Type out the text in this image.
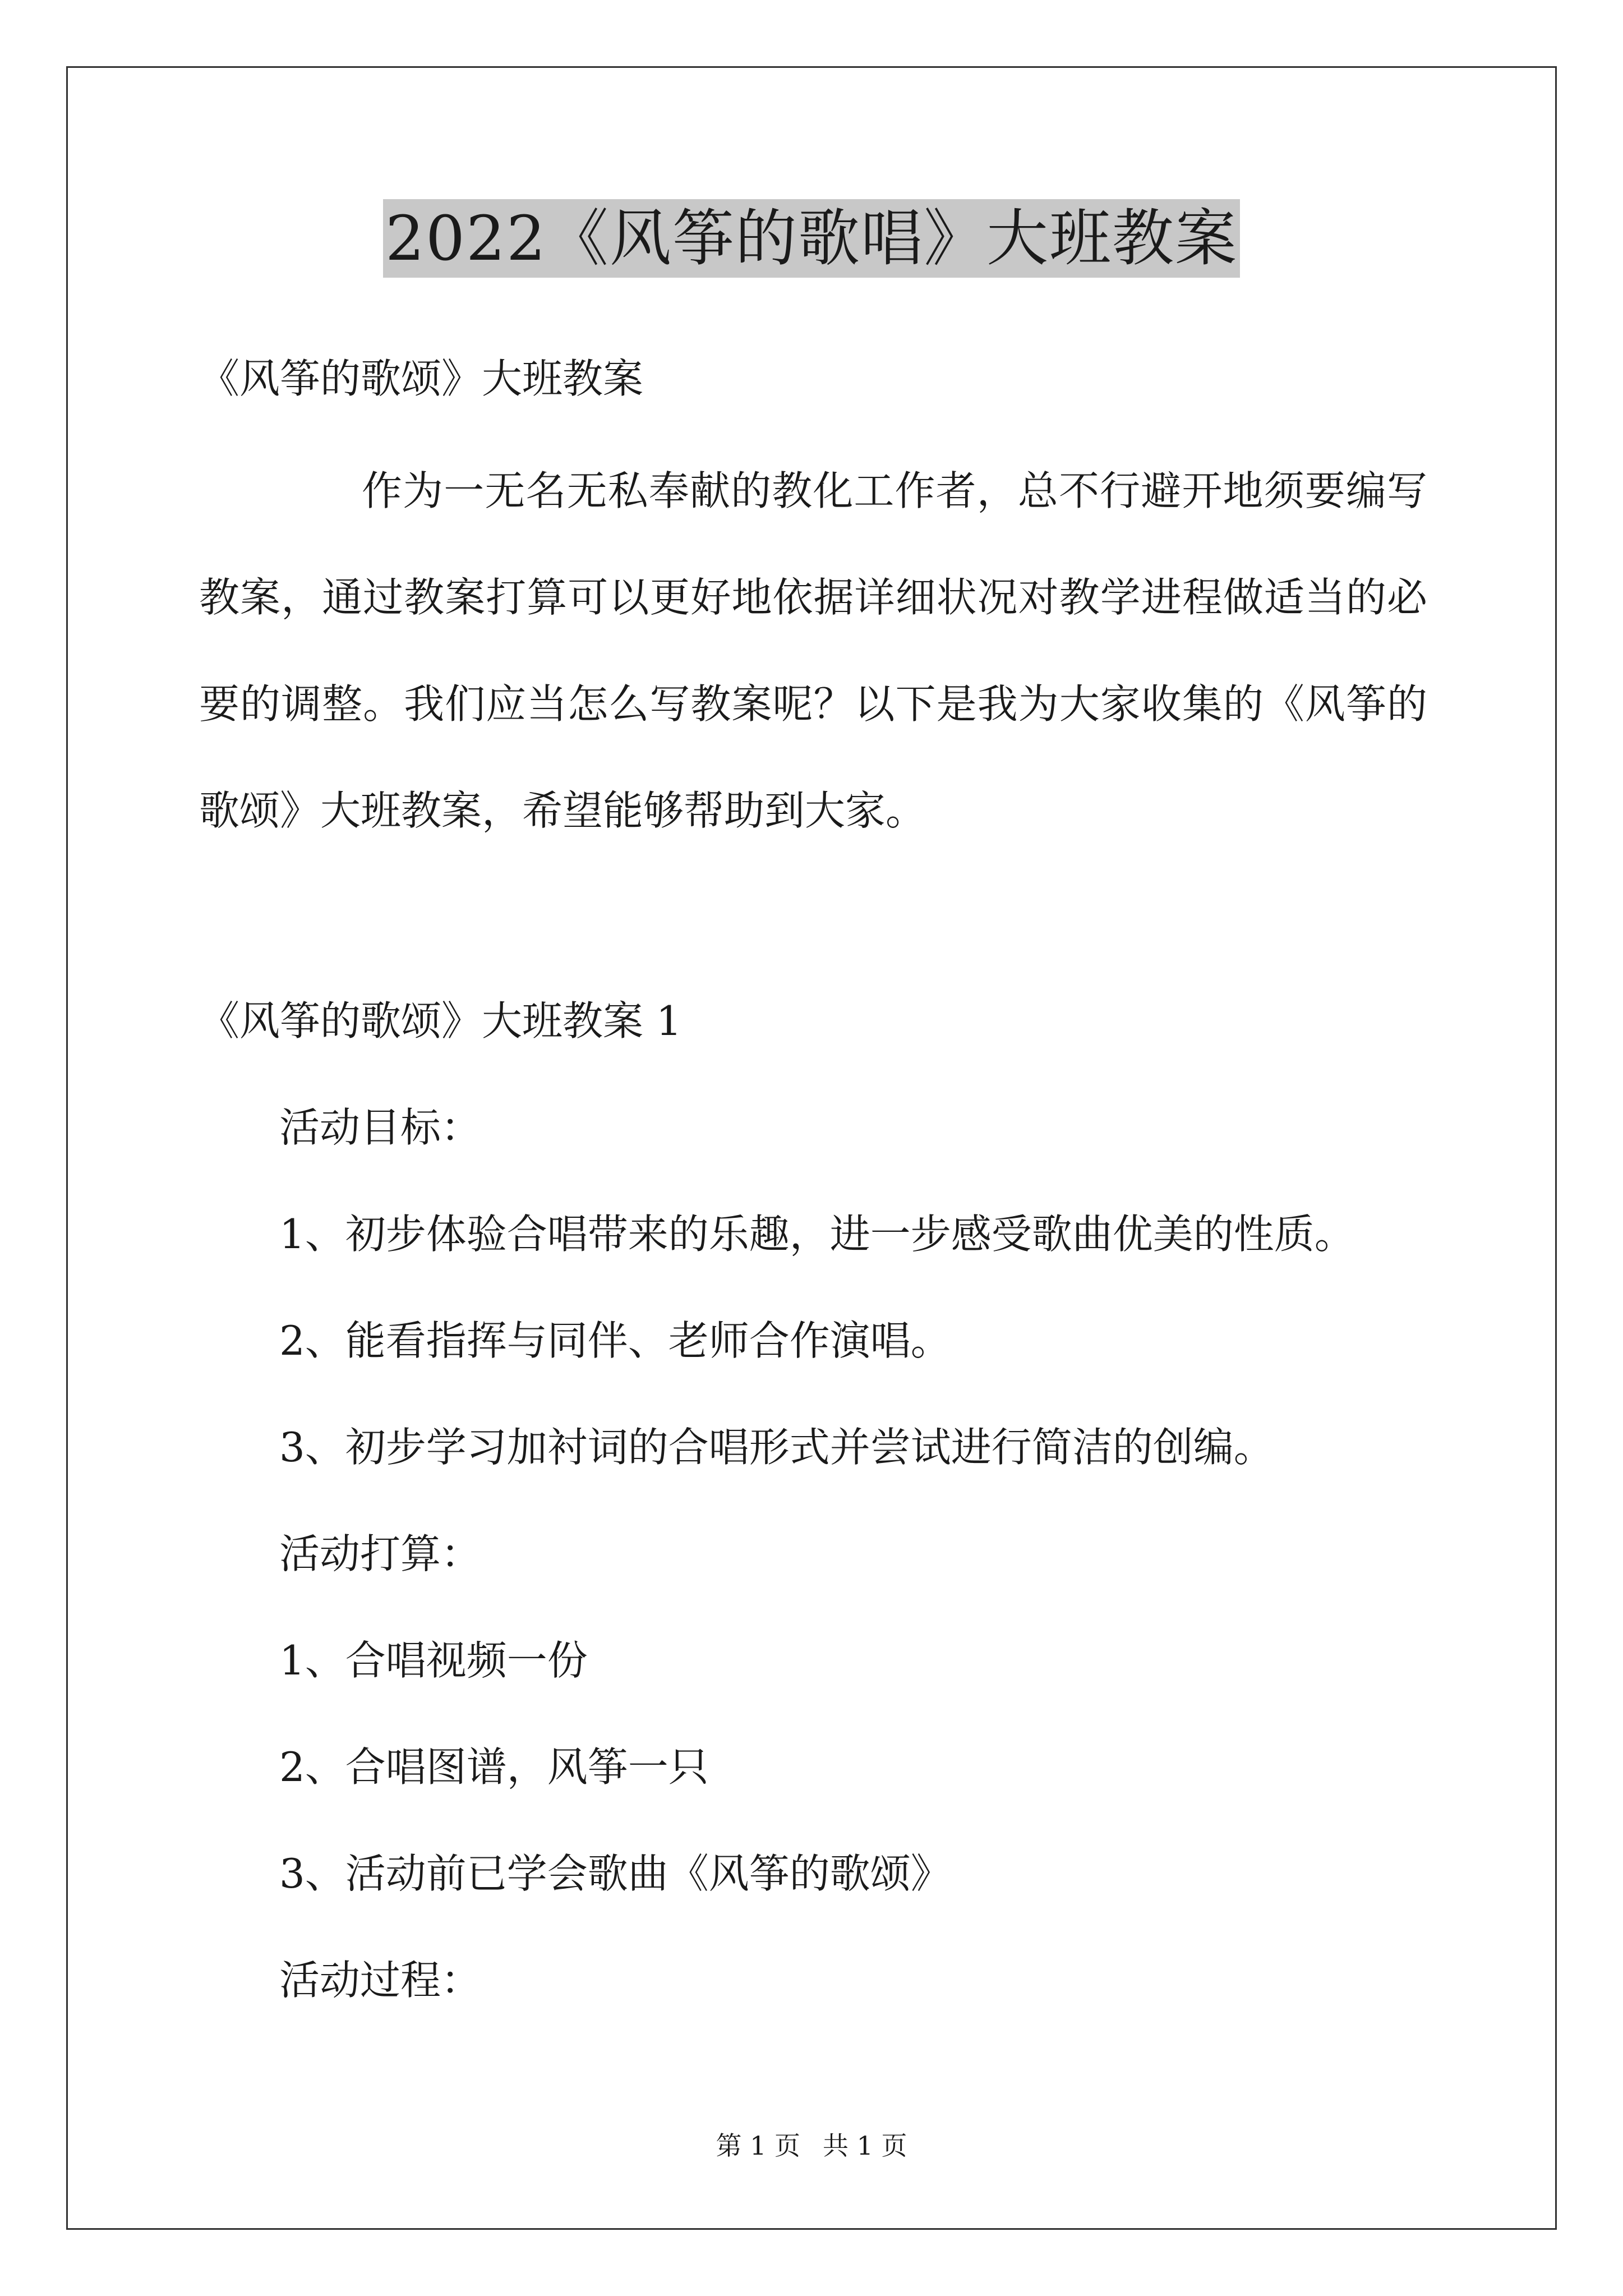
2022《风筝的歌唱》大班教案
《风筝的歌颂》大班教案
作为一无名无私奉献的教化工作者，总不行避开地须要编写教案，通过教案打算可以更好地依据详细状况对教学进程做适当的必要的调整。我们应当怎么写教案呢？以下是我为大家收集的《风筝的歌颂》大班教案，希望能够帮助到大家。
《风筝的歌颂》大班教案 1
活动目标：
1、初步体验合唱带来的乐趣，进一步感受歌曲优美的性质。
2、能看指挥与同伴、老师合作演唱。
3、初步学习加衬词的合唱形式并尝试进行简洁的创编。
活动打算：
1、合唱视频一份
2、合唱图谱，风筝一只
3、活动前已学会歌曲《风筝的歌颂》
活动过程：
第 1 页 共 1 页
